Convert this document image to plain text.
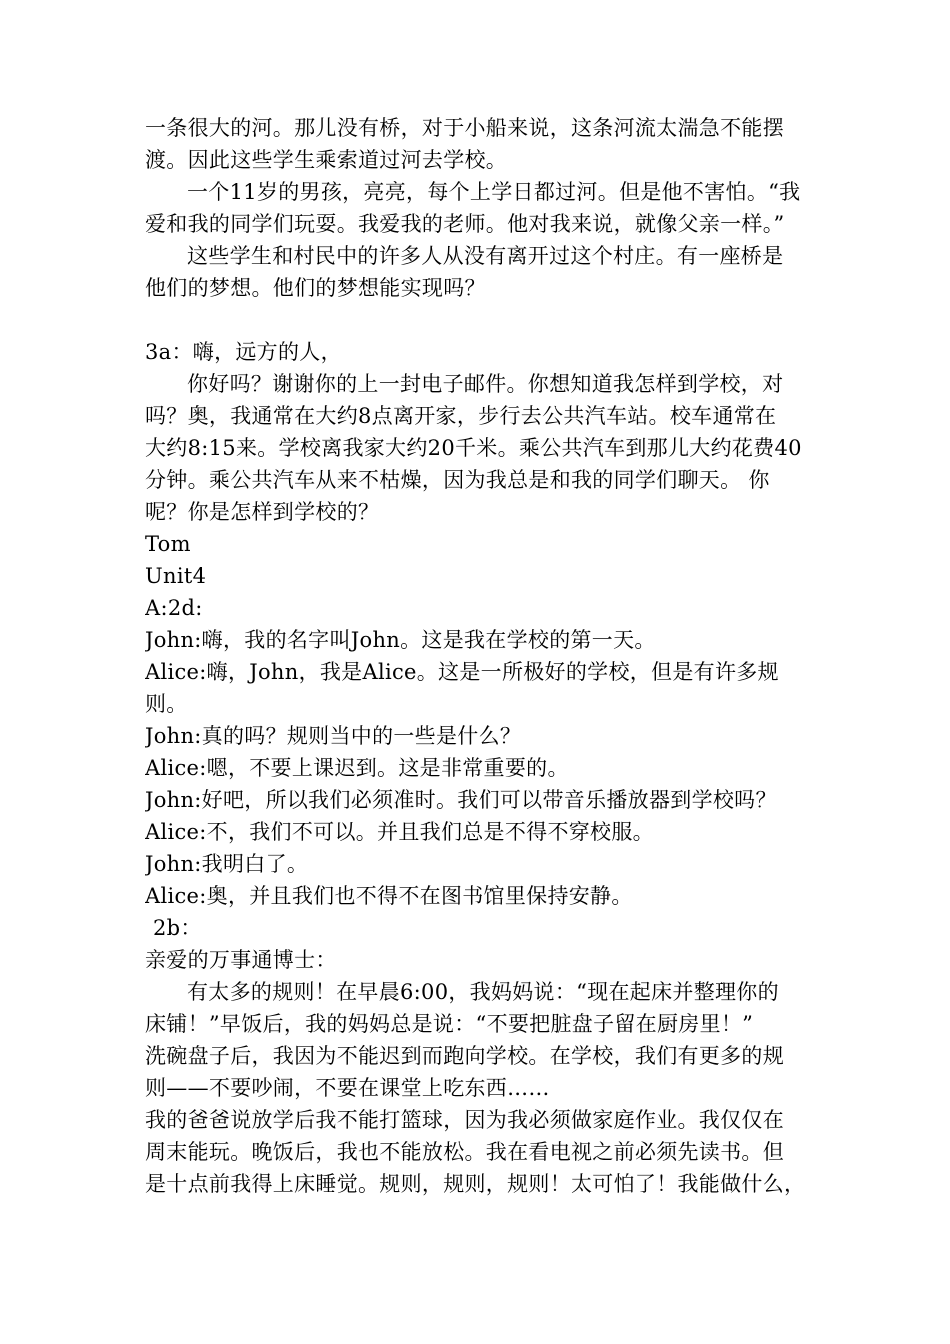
一条很大的河。那儿没有桥，对于小船来说，这条河流太湍急不能摆
渡。因此这些学生乘索道过河去学校。
一个11岁的男孩，亮亮，每个上学日都过河。但是他不害怕。“我
爱和我的同学们玩耍。我爱我的老师。他对我来说，就像父亲一样。”
这些学生和村民中的许多人从没有离开过这个村庄。有一座桥是
他们的梦想。他们的梦想能实现吗？
3a：嗨，远方的人，
你好吗？谢谢你的上一封电子邮件。你想知道我怎样到学校，对
吗？奥，我通常在大约8点离开家，步行去公共汽车站。校车通常在
大约8:15来。学校离我家大约20千米。乘公共汽车到那儿大约花费40
分钟。乘公共汽车从来不枯燥，因为我总是和我的同学们聊天。 你
呢？你是怎样到学校的？
Tom
Unit4
A:2d:
John:嗨，我的名字叫John。这是我在学校的第一天。
Alice:嗨，John，我是Alice。这是一所极好的学校，但是有许多规
则。
John:真的吗？规则当中的一些是什么？
Alice:嗯，不要上课迟到。这是非常重要的。
John:好吧，所以我们必须准时。我们可以带音乐播放器到学校吗？
Alice:不，我们不可以。并且我们总是不得不穿校服。
John:我明白了。
Alice:奥，并且我们也不得不在图书馆里保持安静。
2b：
亲爱的万事通博士：
有太多的规则！在早晨6:00，我妈妈说：“现在起床并整理你的
床铺！”早饭后，我的妈妈总是说：“不要把脏盘子留在厨房里！”
洗碗盘子后，我因为不能迟到而跑向学校。在学校，我们有更多的规
则——不要吵闹，不要在课堂上吃东西……
我的爸爸说放学后我不能打篮球，因为我必须做家庭作业。我仅仅在
周末能玩。晚饭后，我也不能放松。我在看电视之前必须先读书。但
是十点前我得上床睡觉。规则，规则，规则！太可怕了！我能做什么，
